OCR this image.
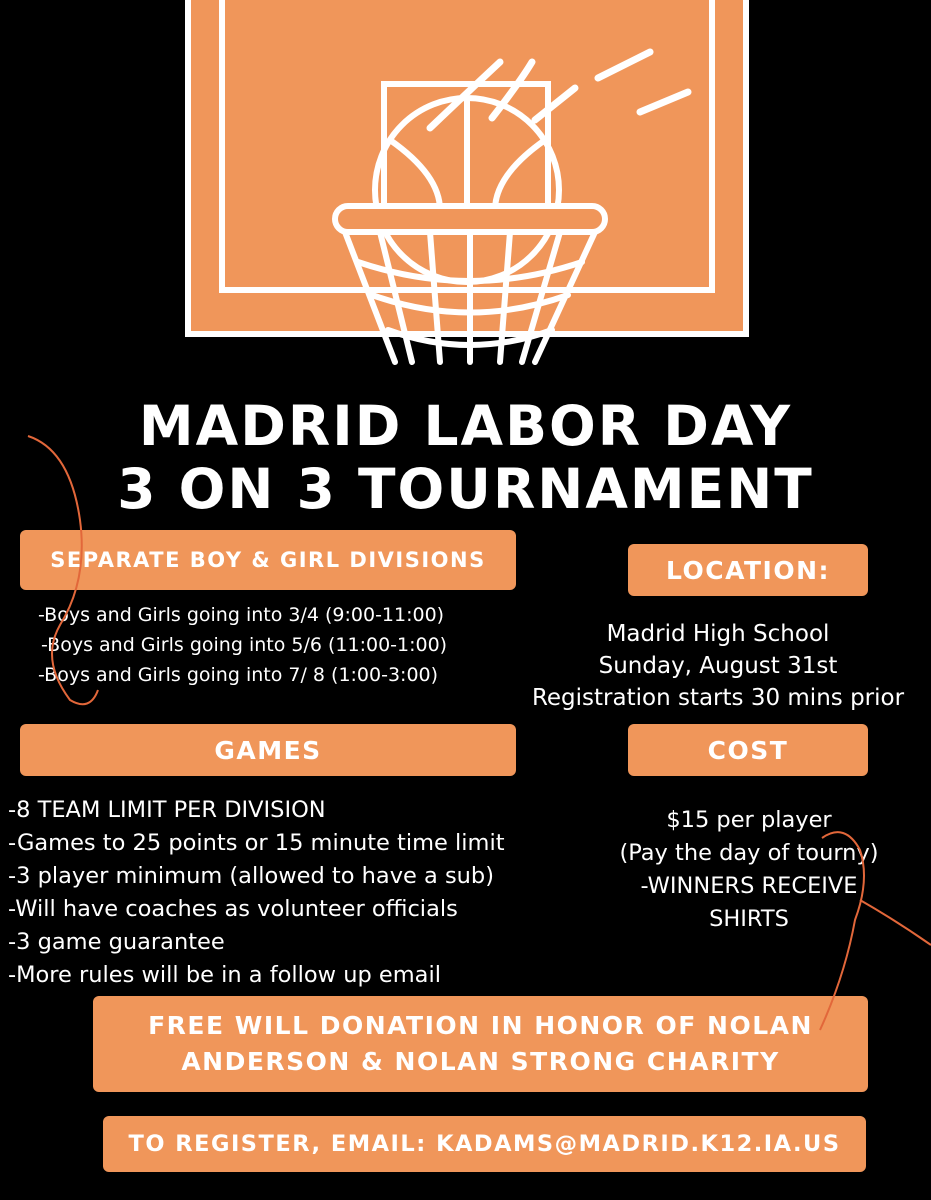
MADRID LABOR DAY
3 ON 3 TOURNAMENT
SEPARATE BOY & GIRL DIVISIONS
-Boys and Girls going into 3/4 (9:00-11:00)
-Boys and Girls going into 5/6 (11:00-1:00)
-Boys and Girls going into 7/ 8 (1:00-3:00)
LOCATION:
Madrid High School
Sunday, August 31st
Registration starts 30 mins prior
GAMES
-8 TEAM LIMIT PER DIVISION
-Games to 25 points or 15 minute time limit
-3 player minimum (allowed to have a sub)
-Will have coaches as volunteer officials
-3 game guarantee
-More rules will be in a follow up email
COST
$15 per player
(Pay the day of tourny)
-WINNERS RECEIVE
SHIRTS
FREE WILL DONATION IN HONOR OF NOLAN
ANDERSON & NOLAN STRONG CHARITY
TO REGISTER, EMAIL: KADAMS@MADRID.K12.IA.US
